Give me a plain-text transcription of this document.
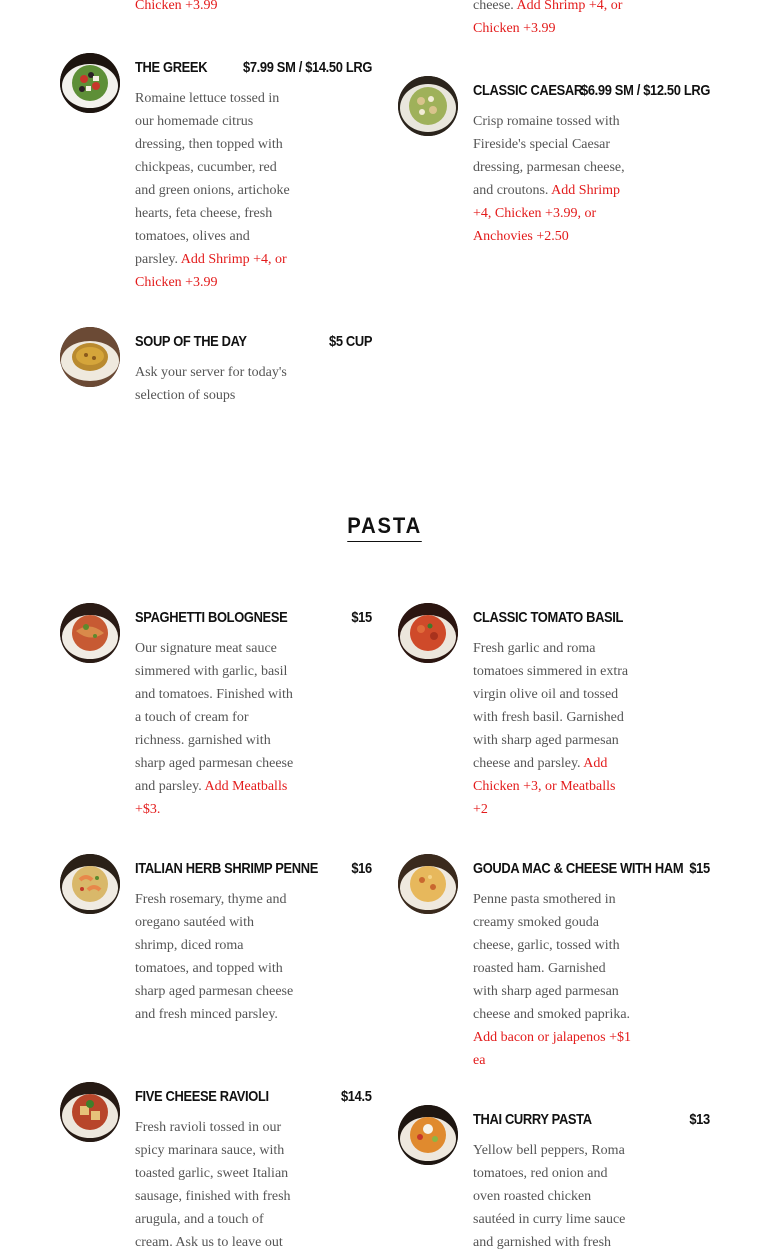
Chicken +3.99	cheese. Add Shrimp +4, or Chicken +3.99
THE GREEK $7.99 SM / $14.50 LRG
Romaine lettuce tossed in our homemade citrus dressing, then topped with chickpeas, cucumber, red and green onions, artichoke hearts, feta cheese, fresh tomatoes, olives and parsley. Add Shrimp +4, or Chicken +3.99
CLASSIC CAESAR
$6.99 SM / $12.50 LRG
Crisp romaine tossed with Fireside's special Caesar dressing, parmesan cheese, and croutons. Add Shrimp +4, Chicken +3.99, or Anchovies +2.50
SOUP OF THE DAY	$5 CUP
Ask your server for today's selection of soups
PASTA
SPAGHETTI BOLOGNESE	$15
Our signature meat sauce simmered with garlic, basil and tomatoes. Finished with a touch of cream for richness. garnished with sharp aged parmesan cheese and parsley. Add Meatballs +$3.
CLASSIC TOMATO BASIL
Fresh garlic and roma tomatoes simmered in extra virgin olive oil and tossed with fresh basil. Garnished with sharp aged parmesan cheese and parsley. Add Chicken +3, or Meatballs +2
ITALIAN HERB SHRIMP PENNE $16
Fresh rosemary, thyme and oregano sautéed with shrimp, diced roma tomatoes, and topped with sharp aged parmesan cheese and fresh minced parsley.
GOUDA MAC & CHEESE WITH HAM $15
Penne pasta smothered in creamy smoked gouda cheese, garlic, tossed with roasted ham. Garnished with sharp aged parmesan cheese and smoked paprika. Add bacon or jalapenos +$1 ea
FIVE CHEESE RAVIOLI	$14.5
Fresh ravioli tossed in our spicy marinara sauce, with toasted garlic, sweet Italian sausage, finished with fresh arugula, and a touch of cream. Ask us to leave out
THAI CURRY PASTA	$13
Yellow bell peppers, Roma tomatoes, red onion and oven roasted chicken sautéed in curry lime sauce and garnished with fresh
